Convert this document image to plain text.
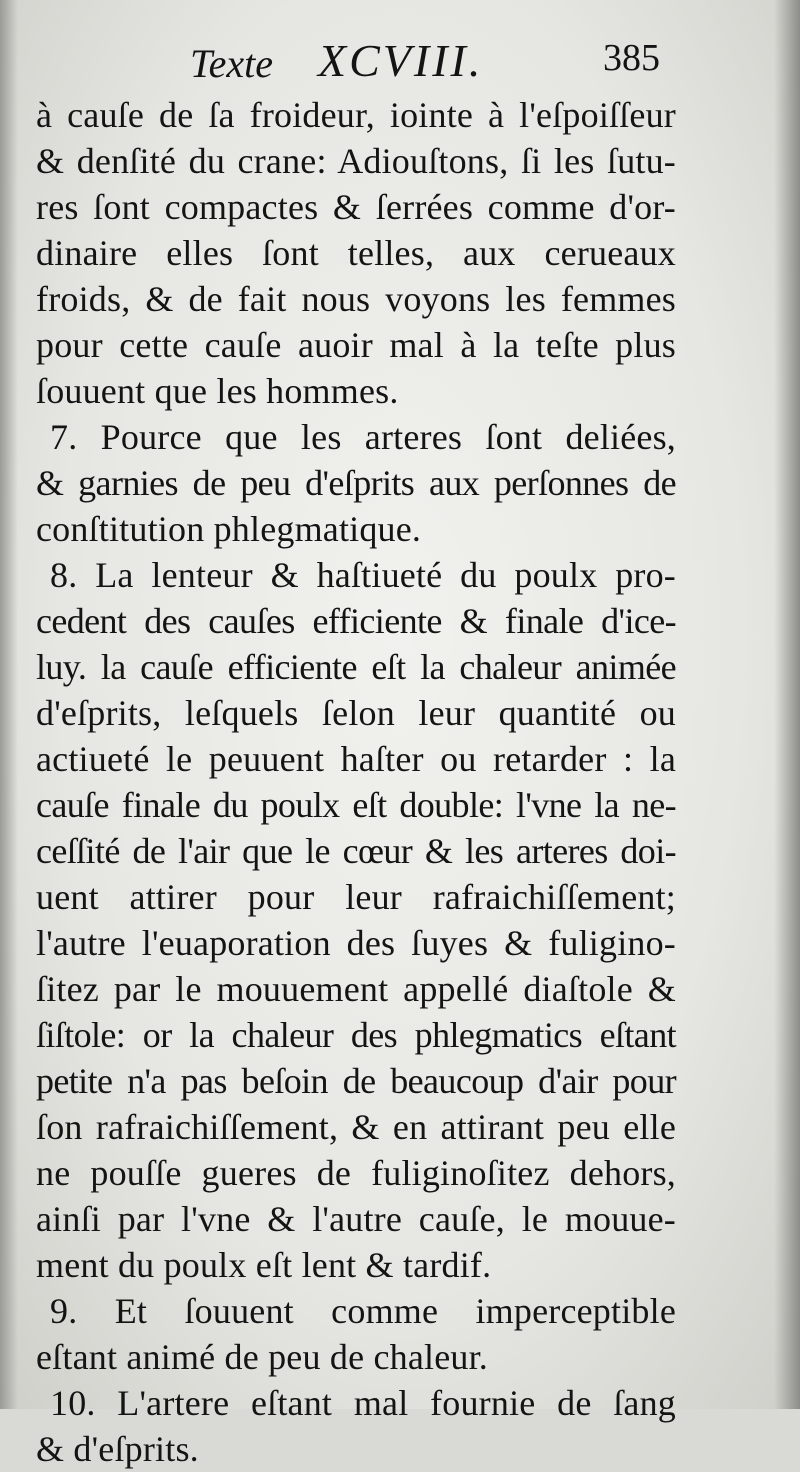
Texte XCVIII.	385
à cauſe de ſa froideur, iointe à l'eſpoiſſeur
& denſité du crane: Adiouſtons, ſi les ſutu-
res ſont compactes & ſerrées comme d'or-
dinaire elles ſont telles, aux cerueaux
froids, & de fait nous voyons les femmes
pour cette cauſe auoir mal à la teſte plus
ſouuent que les hommes.
7. Pource que les arteres ſont deliées,
& garnies de peu d'eſprits aux perſonnes de
conſtitution phlegmatique.
8. La lenteur & haſtiueté du poulx pro-
cedent des cauſes efficiente & finale d'ice-
luy. la cauſe efficiente eſt la chaleur animée
d'eſprits, leſquels ſelon leur quantité ou
actiueté le peuuent haſter ou retarder : la
cauſe finale du poulx eſt double: l'vne la ne-
ceſſité de l'air que le cœur & les arteres doi-
uent attirer pour leur rafraichiſſement;
l'autre l'euaporation des ſuyes & fuligino-
ſitez par le mouuement appellé diaſtole &
ſiſtole: or la chaleur des phlegmatics eſtant
petite n'a pas beſoin de beaucoup d'air pour
ſon rafraichiſſement, & en attirant peu elle
ne pouſſe gueres de fuliginoſitez dehors,
ainſi par l'vne & l'autre cauſe, le mouue-
ment du poulx eſt lent & tardif.
9. Et ſouuent comme imperceptible
eſtant animé de peu de chaleur.
10. L'artere eſtant mal fournie de ſang
& d'eſprits.
